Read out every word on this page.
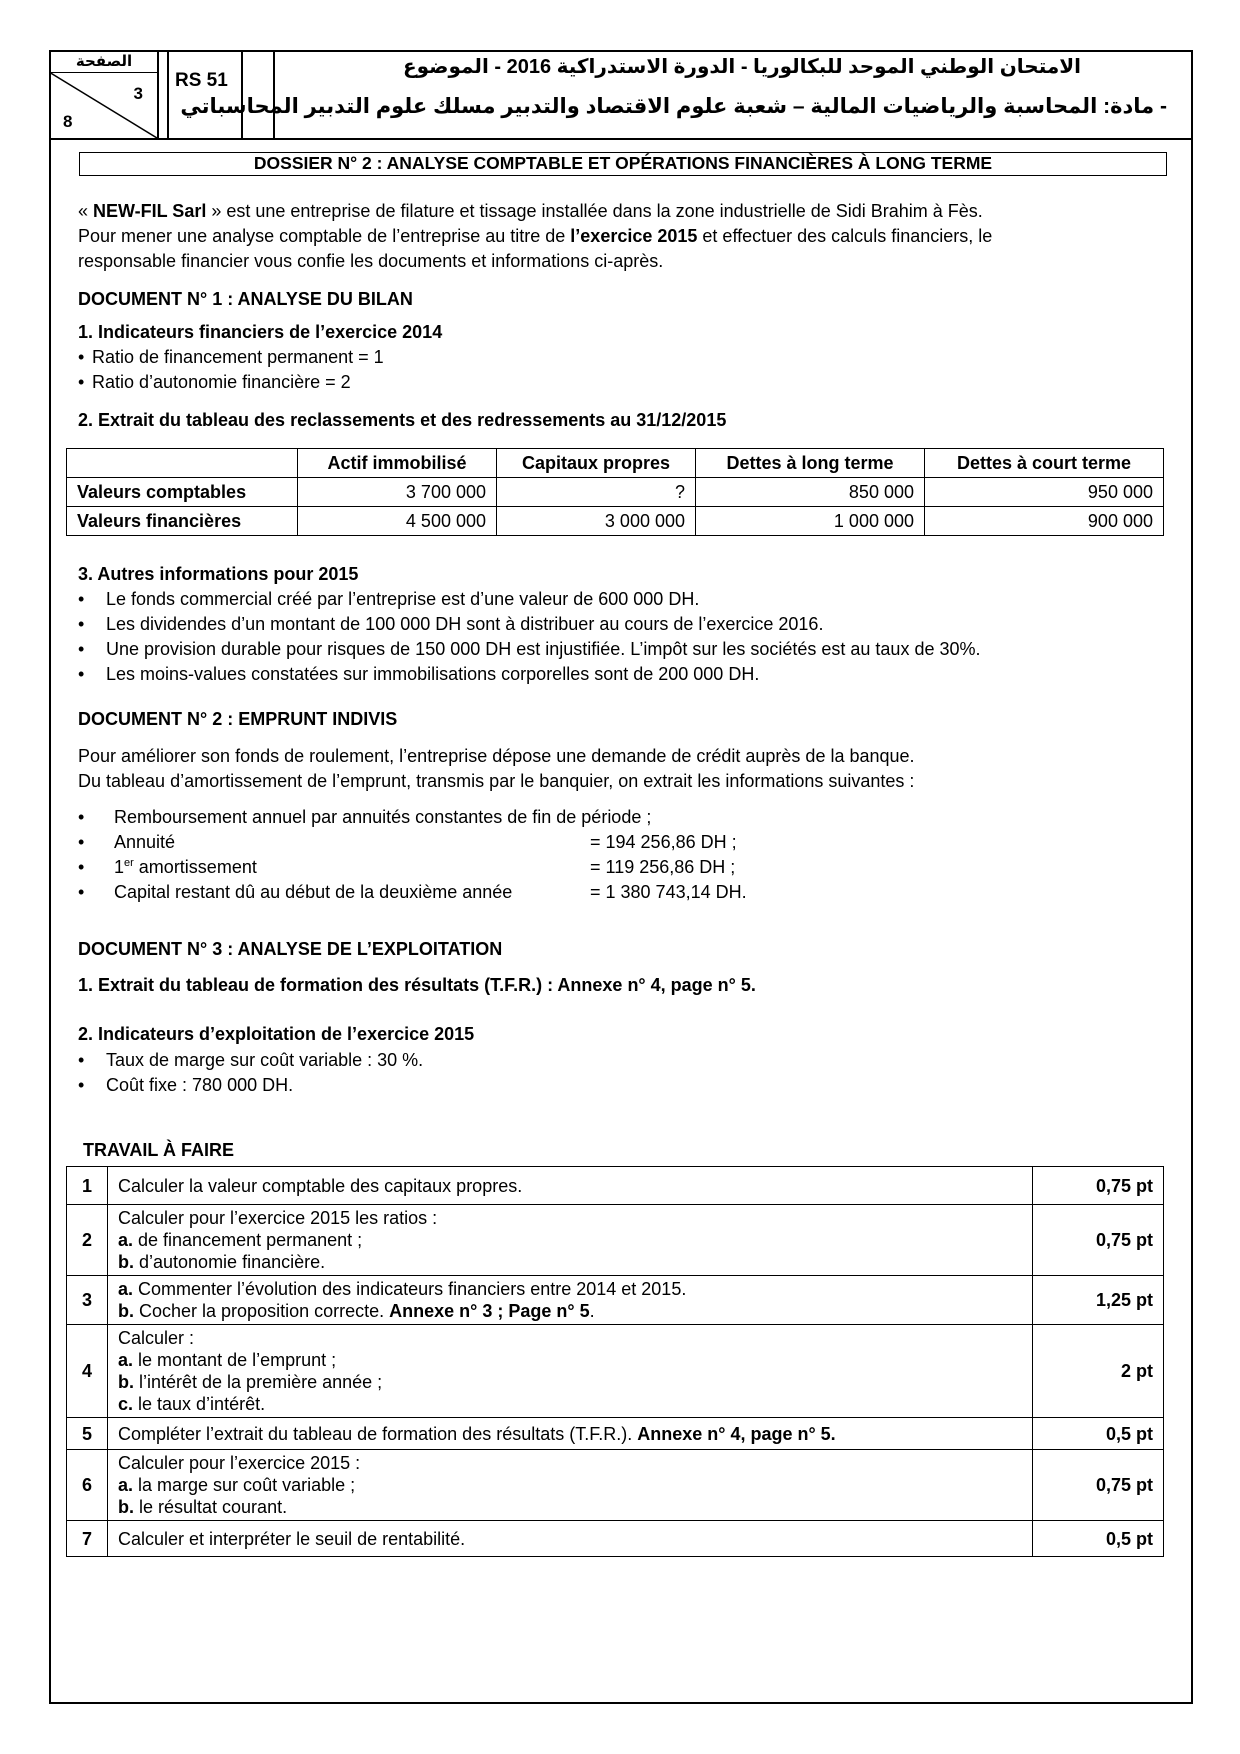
الصفحة
3
8
RS 51
الامتحان الوطني الموحد للبكالوريا - الدورة الاستدراكية 2016 - الموضوع
- مادة: المحاسبة والرياضيات المالية – شعبة علوم الاقتصاد والتدبير مسلك علوم التدبير المحاسباتي
DOSSIER N° 2 : ANALYSE COMPTABLE ET OPÉRATIONS FINANCIÈRES À LONG TERME
« NEW-FIL Sarl » est une entreprise de filature et tissage installée dans la zone industrielle de Sidi Brahim à Fès.
Pour mener une analyse comptable de l’entreprise au titre de l’exercice 2015 et effectuer des calculs financiers, le
responsable financier vous confie les documents et informations ci-après.
DOCUMENT N° 1 : ANALYSE DU BILAN
1. Indicateurs financiers de l’exercice 2014
• Ratio de financement permanent = 1
• Ratio d’autonomie financière = 2
2. Extrait du tableau des reclassements et des redressements au 31/12/2015
	Actif immobilisé	Capitaux propres	Dettes à long terme	Dettes à court terme
Valeurs comptables	3 700 000	?	850 000	950 000
Valeurs financières	4 500 000	3 000 000	1 000 000	900 000
3. Autres informations pour 2015
• Le fonds commercial créé par l’entreprise est d’une valeur de 600 000 DH.
• Les dividendes d’un montant de 100 000 DH sont à distribuer au cours de l’exercice 2016.
• Une provision durable pour risques de 150 000 DH est injustifiée. L’impôt sur les sociétés est au taux de 30%.
• Les moins-values constatées sur immobilisations corporelles sont de 200 000 DH.
DOCUMENT N° 2 : EMPRUNT INDIVIS
Pour améliorer son fonds de roulement, l’entreprise dépose une demande de crédit auprès de la banque.
Du tableau d’amortissement de l’emprunt, transmis par le banquier, on extrait les informations suivantes :
• Remboursement annuel par annuités constantes de fin de période ;
• Annuité	= 194 256,86 DH ;
• 1er amortissement	= 119 256,86 DH ;
• Capital restant dû au début de la deuxième année	= 1 380 743,14 DH.
DOCUMENT N° 3 : ANALYSE DE L’EXPLOITATION
1. Extrait du tableau de formation des résultats (T.F.R.) : Annexe n° 4, page n° 5.
2. Indicateurs d’exploitation de l’exercice 2015
• Taux de marge sur coût variable : 30 %.
• Coût fixe : 780 000 DH.
TRAVAIL À FAIRE
1	Calculer la valeur comptable des capitaux propres.	0,75 pt
2	Calculer pour l’exercice 2015 les ratios :
a. de financement permanent ;
b. d’autonomie financière.	0,75 pt
3	a. Commenter l’évolution des indicateurs financiers entre 2014 et 2015.
b. Cocher la proposition correcte. Annexe n° 3 ; Page n° 5.	1,25 pt
4	Calculer :
a. le montant de l’emprunt ;
b. l’intérêt de la première année ;
c. le taux d’intérêt.	2 pt
5	Compléter l’extrait du tableau de formation des résultats (T.F.R.). Annexe n° 4, page n° 5.	0,5 pt
6	Calculer pour l’exercice 2015 :
a. la marge sur coût variable ;
b. le résultat courant.	0,75 pt
7	Calculer et interpréter le seuil de rentabilité.	0,5 pt
